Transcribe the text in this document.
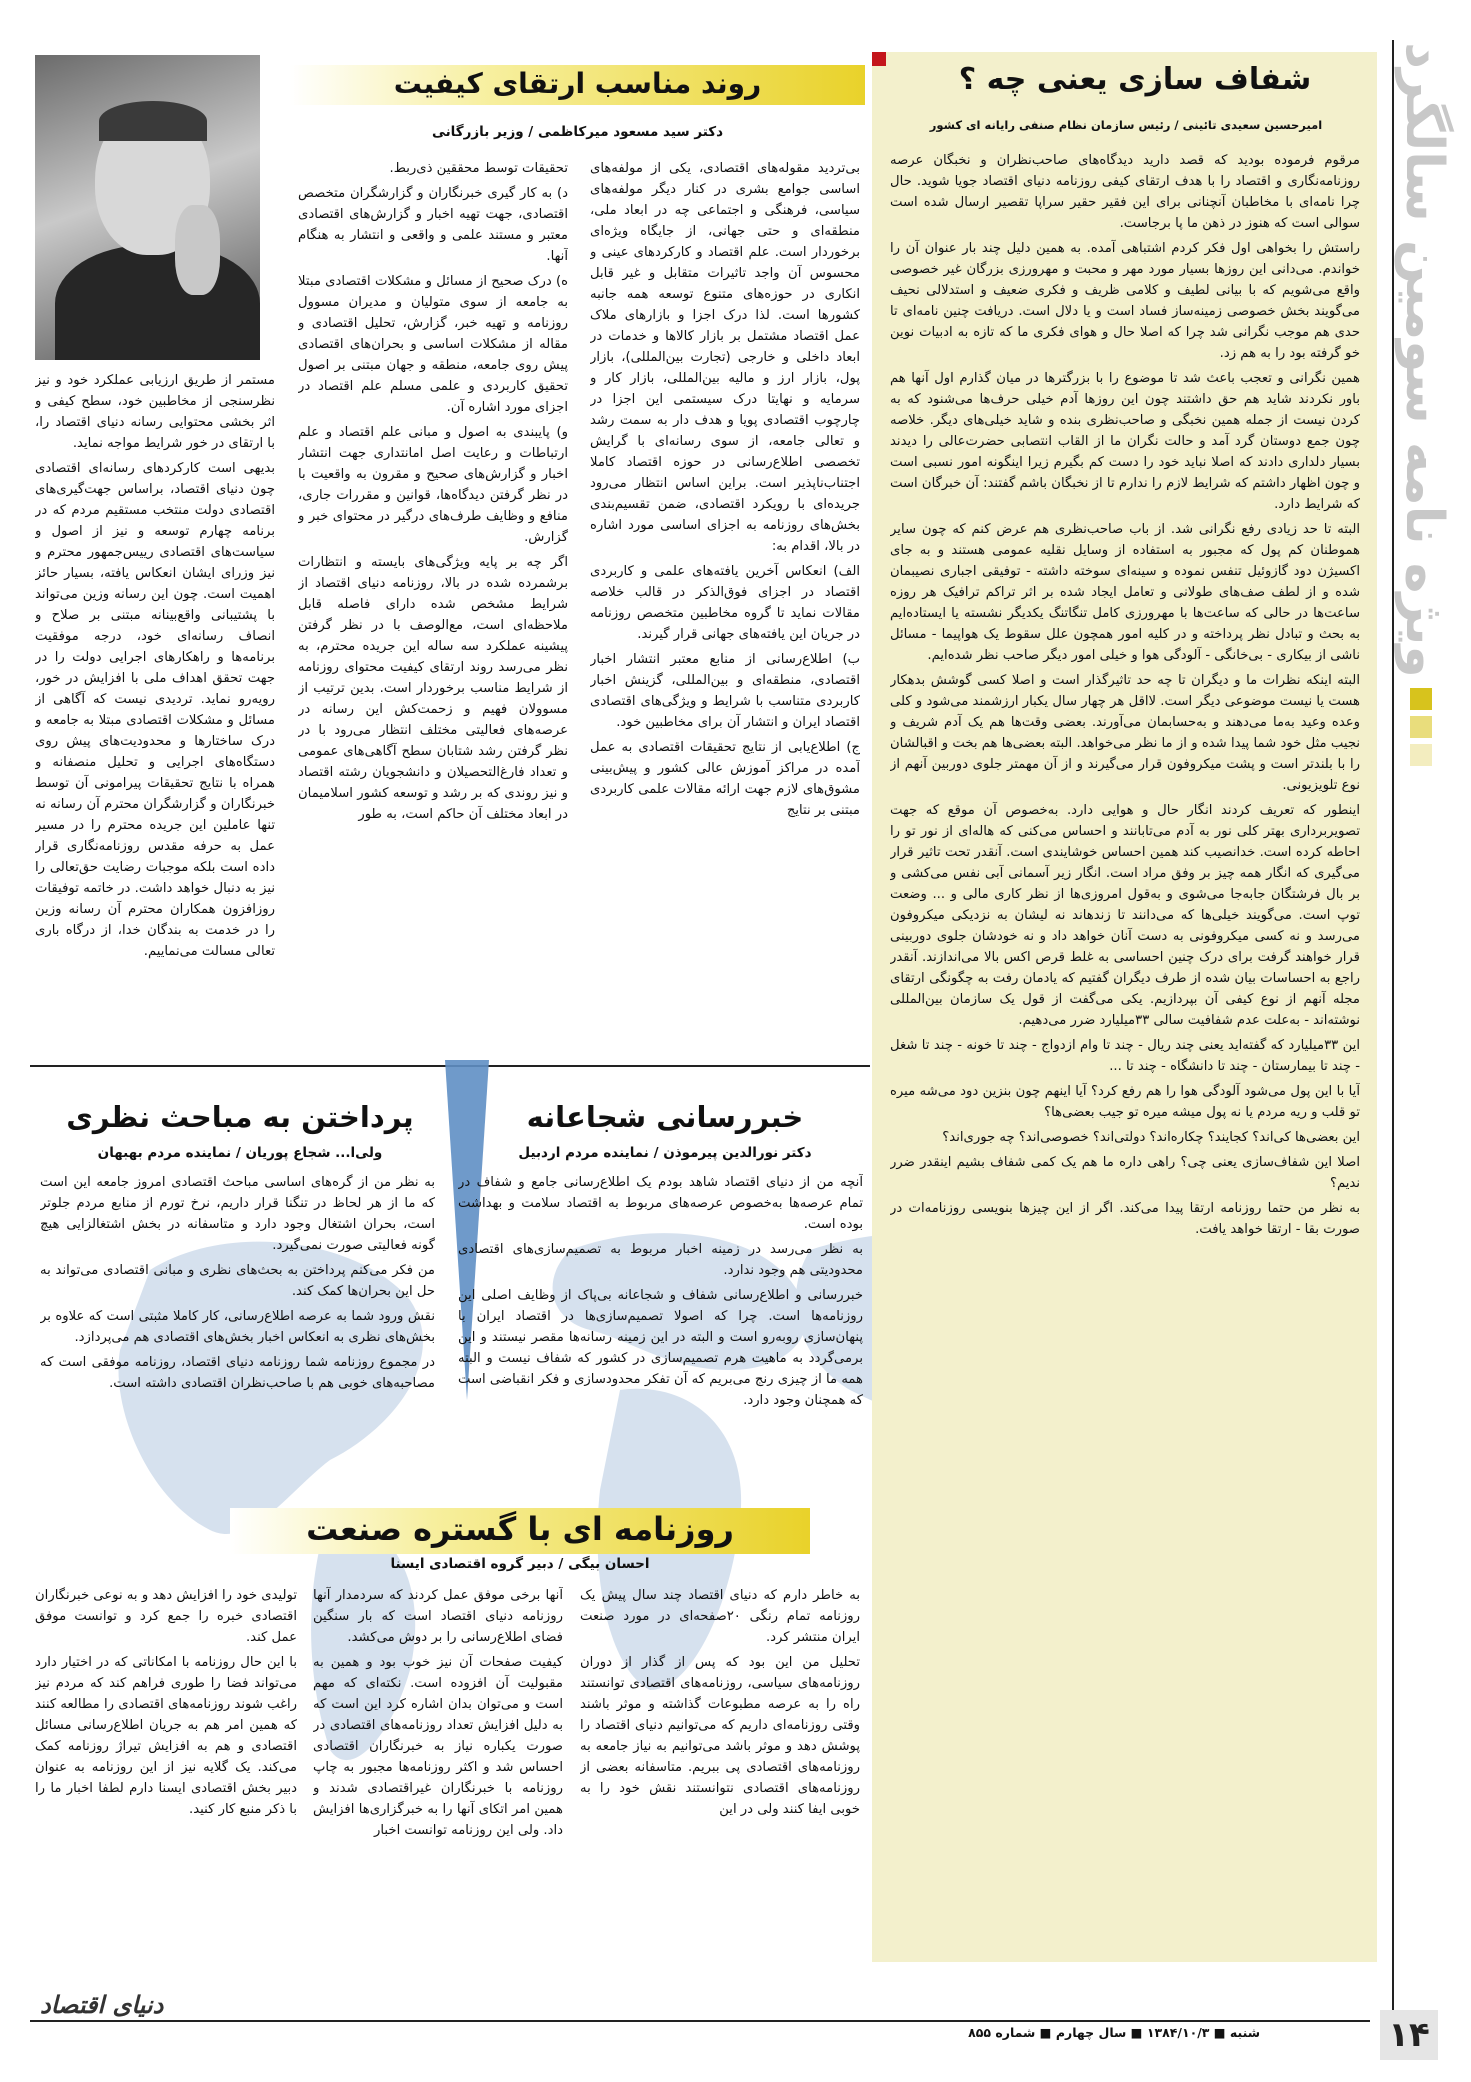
ویژه نامه سومین سالگرد
شفاف سازی یعنی چه ؟
امیرحسین سعیدی تائینی / رئیس سازمان نظام صنفی رایانه ای کشور

مرقوم فرموده بودید که قصد دارید دیدگاه‌های صاحب‌نظران و نخبگان عرصه روزنامه‌نگاری و اقتصاد را با هدف ارتقای کیفی روزنامه دنیای اقتصاد جویا شوید. حال چرا نامه‌ای با مخاطبان آنچنانی برای این فقیر حقیر سراپا تقصیر ارسال شده است سوالی است که هنوز در ذهن ما پا برجاست.

راستش را بخواهی اول فکر کردم اشتباهی آمده. به همین دلیل چند بار عنوان آن را خواندم. می‌دانی این روزها بسیار مورد مهر و محبت و مهرورزی بزرگان غیر خصوصی واقع می‌شویم که با بیانی لطیف و کلامی ظریف و فکری ضعیف و استدلالی نحیف می‌گویند بخش خصوصی زمینه‌ساز فساد است و یا دلال است. دریافت چنین نامه‌ای تا حدی هم موجب نگرانی شد چرا که اصلا حال و هوای فکری ما که تازه به ادبیات نوین خو گرفته بود را به هم زد.

همین نگرانی و تعجب باعث شد تا موضوع را با بزرگترها در میان گذارم اول آنها هم باور نکردند شاید هم حق داشتند چون این روزها آدم خیلی حرف‌ها می‌شنود که به کردن نیست از جمله همین نخبگی و صاحب‌نظری بنده و شاید خیلی‌های دیگر. خلاصه چون جمع دوستان گرد آمد و حالت نگران ما از القاب انتصابی حضرت‌عالی را دیدند بسیار دلداری دادند که اصلا نباید خود را دست کم بگیرم زیرا اینگونه امور نسبی است و چون اظهار داشتم که شرایط لازم را ندارم تا از نخبگان باشم گفتند: آن خبرگان است که شرایط دارد.

البته تا حد زیادی رفع نگرانی شد. از باب صاحب‌نظری هم عرض کنم که چون سایر هموطنان کم پول که مجبور به استفاده از وسایل نقلیه عمومی هستند و به جای اکسیژن دود گازوئیل تنفس نموده و سینه‌ای سوخته داشته - توفیقی اجباری نصیبمان شده و از لطف صف‌های طولانی و تعامل ایجاد شده بر اثر تراکم ترافیک هر روزه ساعت‌ها در حالی که ساعت‌ها با مهرورزی کامل تنگاتنگ یکدیگر نشسته یا ایستاده‌ایم به بحث و تبادل نظر پرداخته و در کلیه امور همچون علل سقوط یک هواپیما - مسائل ناشی از بیکاری - بی‌خانگی - آلودگی هوا و خیلی امور دیگر صاحب نظر شده‌ایم.

البته اینکه نظرات ما و دیگران تا چه حد تاثیرگذار است و اصلا کسی گوشش بدهکار هست یا نیست موضوعی دیگر است. لااقل هر چهار سال یکبار ارزشمند می‌شود و کلی وعده وعید به‌ما می‌دهند و به‌حسابمان می‌آورند. بعضی وقت‌ها هم یک آدم شریف و نجیب مثل خود شما پیدا شده و از ما نظر می‌خواهد. البته بعضی‌ها هم بخت و اقبالشان را با بلندتر است و پشت میکروفون قرار می‌گیرند و از آن مهمتر جلوی دوربین آنهم از نوع تلویزیونی.

اینطور که تعریف کردند انگار حال و هوایی دارد. به‌خصوص آن موقع که جهت تصویربرداری بهتر کلی نور به آدم می‌تابانند و احساس می‌کنی که هاله‌ای از نور تو را احاطه کرده است. خدانصیب کند همین احساس خوشایندی است. آنقدر تحت تاثیر قرار می‌گیری که انگار همه چیز بر وفق مراد است. انگار زیر آسمانی آبی نفس می‌کشی و بر بال فرشتگان جابه‌جا می‌شوی و به‌قول امروزی‌ها از نظر کاری مالی و ... وضعت توپ است. می‌گویند خیلی‌ها که می‌دانند تا زندهاند نه لیشان به نزدیکی میکروفون می‌رسد و نه کسی میکروفونی به دست آنان خواهد داد و نه خودشان جلوی دوربینی قرار خواهند گرفت برای درک چنین احساسی به غلط قرص اکس بالا می‌اندازند. آنقدر راجع به احساسات بیان شده از طرف دیگران گفتیم که یادمان رفت به چگونگی ارتقای مجله آنهم از نوع کیفی آن بپردازیم. یکی می‌گفت از قول یک سازمان بین‌المللی نوشته‌اند - به‌علت عدم شفافیت سالی ۳۳میلیارد ضرر می‌دهیم.

این ۳۳میلیارد که گفته‌اید یعنی چند ریال - چند تا وام ازدواج - چند تا خونه - چند تا شغل - چند تا بیمارستان - چند تا دانشگاه - چند تا ...

آیا با این پول می‌شود آلودگی هوا را هم رفع کرد؟ آیا اینهم چون بنزین دود می‌شه میره تو قلب و ریه مردم یا نه پول میشه میره تو جیب بعضی‌ها؟

این بعضی‌ها کی‌اند؟ کجایند؟ چکاره‌اند؟ دولتی‌اند؟ خصوصی‌اند؟ چه جوری‌اند؟

اصلا این شفاف‌سازی یعنی چی؟ راهی داره ما هم یک کمی شفاف بشیم اینقدر ضرر ندیم؟

به نظر من حتما روزنامه ارتقا پیدا می‌کند. اگر از این چیزها بنویسی روزنامه‌ات در صورت بقا - ارتقا خواهد یافت.

روند مناسب ارتقای کیفیت
دکتر سید مسعود میرکاظمی / وزیر بازرگانی

بی‌تردید مقوله‌های اقتصادی، یکی از مولفه‌های اساسی جوامع بشری در کنار دیگر مولفه‌های سیاسی، فرهنگی و اجتماعی چه در ابعاد ملی، منطقه‌ای و حتی جهانی، از جایگاه ویژه‌ای برخوردار است. علم اقتصاد و کارکردهای عینی و محسوس آن واجد تاثیرات متقابل و غیر قابل انکاری در حوزه‌های متنوع توسعه همه جانبه کشورها است. لذا درک اجزا و بازارهای ملاک عمل اقتصاد مشتمل بر بازار کالاها و خدمات در ابعاد داخلی و خارجی (تجارت بین‌المللی)، بازار پول، بازار ارز و مالیه بین‌المللی، بازار کار و سرمایه و نهایتا درک سیستمی این اجزا در چارچوب اقتصادی پویا و هدف دار به سمت رشد و تعالی جامعه، از سوی رسانه‌ای با گرایش تخصصی اطلاع‌رسانی در حوزه اقتصاد کاملا اجتناب‌ناپذیر است. براین اساس انتظار می‌رود جریده‌ای با رویکرد اقتصادی، ضمن تقسیم‌بندی بخش‌های روزنامه به اجزای اساسی مورد اشاره در بالا، اقدام به:

الف) انعکاس آخرین یافته‌های علمی و کاربردی اقتصاد در اجزای فوق‌الذکر در قالب خلاصه مقالات نماید تا گروه مخاطبین متخصص روزنامه در جریان این یافته‌های جهانی قرار گیرند.

ب) اطلاع‌رسانی از منابع معتبر انتشار اخبار اقتصادی، منطقه‌ای و بین‌المللی، گزینش اخبار کاربردی متناسب با شرایط و ویژگی‌های اقتصادی اقتصاد ایران و انتشار آن برای مخاطبین خود.

ج) اطلاع‌یابی از نتایج تحقیقات اقتصادی به عمل آمده در مراکز آموزش عالی کشور و پیش‌بینی مشوق‌های لازم جهت ارائه مقالات علمی کاربردی مبتنی بر نتایج

تحقیقات توسط محققین ذی‌ربط.

د) به کار گیری خبرنگاران و گزارشگران متخصص اقتصادی، جهت تهیه اخبار و گزارش‌های اقتصادی معتبر و مستند علمی و واقعی و انتشار به هنگام آنها.

ه) درک صحیح از مسائل و مشکلات اقتصادی مبتلا به جامعه از سوی متولیان و مدیران مسوول روزنامه و تهیه خبر، گزارش، تحلیل اقتصادی و مقاله از مشکلات اساسی و بحران‌های اقتصادی پیش روی جامعه، منطقه و جهان مبتنی بر اصول تحقیق کاربردی و علمی مسلم علم اقتصاد در اجزای مورد اشاره آن.

و) پایبندی به اصول و مبانی علم اقتصاد و علم ارتباطات و رعایت اصل امانتداری جهت انتشار اخبار و گزارش‌های صحیح و مقرون به واقعیت با در نظر گرفتن دیدگاه‌ها، قوانین و مقررات جاری، منافع و وظایف طرف‌های درگیر در محتوای خبر و گزارش.

اگر چه بر پایه ویژگی‌های بایسته و انتظارات برشمرده شده در بالا، روزنامه دنیای اقتصاد از شرایط مشخص شده دارای فاصله قابل ملاحظه‌ای است، مع‌الوصف با در نظر گرفتن پیشینه عملکرد سه ساله این جریده محترم، به نظر می‌رسد روند ارتقای کیفیت محتوای روزنامه از شرایط مناسب برخوردار است. بدین ترتیب از مسوولان فهیم و زحمت‌کش این رسانه در عرصه‌های فعالیتی مختلف انتظار می‌رود با در نظر گرفتن رشد شتابان سطح آگاهی‌های عمومی و تعداد فارغ‌التحصیلان و دانشجویان رشته اقتصاد و نیز روندی که بر رشد و توسعه کشور اسلامیمان در ابعاد مختلف آن حاکم است، به طور

مستمر از طریق ارزیابی عملکرد خود و نیز نظرسنجی از مخاطبین خود، سطح کیفی و اثر بخشی محتوایی رسانه دنیای اقتصاد را، با ارتقای در خور شرایط مواجه نماید.

بدیهی است کارکردهای رسانه‌ای اقتصادی چون دنیای اقتصاد، براساس جهت‌گیری‌های اقتصادی دولت منتخب مستقیم مردم که در برنامه چهارم توسعه و نیز از اصول و سیاست‌های اقتصادی رییس‌جمهور محترم و نیز وزرای ایشان انعکاس یافته، بسیار حائز اهمیت است. چون این رسانه وزین می‌تواند با پشتیبانی واقع‌بینانه مبتنی بر صلاح و انصاف رسانه‌ای خود، درجه موفقیت برنامه‌ها و راهکارهای اجرایی دولت را در جهت تحقق اهداف ملی با افزایش در خور، رویه‌رو نماید. تردیدی نیست که آگاهی از مسائل و مشکلات اقتصادی مبتلا به جامعه و درک ساختارها و محدودیت‌های پیش روی دستگاه‌های اجرایی و تحلیل منصفانه و همراه با نتایج تحقیقات پیرامونی آن توسط خبرنگاران و گزارشگران محترم آن رسانه نه تنها عاملین این جریده محترم را در مسیر عمل به حرفه مقدس روزنامه‌نگاری قرار داده است بلکه موجبات رضایت حق‌تعالی را نیز به دنبال خواهد داشت. در خاتمه توفیقات روزافزون همکاران محترم آن رسانه وزین را در خدمت به بندگان خدا، از درگاه باری تعالی مسالت می‌نماییم.

خبررسانی شجاعانه
دکتر نورالدین پیرموذن / نماینده مردم اردبیل

آنچه من از دنیای اقتصاد شاهد بودم یک اطلاع‌رسانی جامع و شفاف در تمام عرصه‌ها به‌خصوص عرصه‌های مربوط به اقتصاد سلامت و بهداشت بوده است.

به نظر می‌رسد در زمینه اخبار مربوط به تصمیم‌سازی‌های اقتصادی محدودیتی هم وجود ندارد.

خبررسانی و اطلاع‌رسانی شفاف و شجاعانه بی‌پاک از وظایف اصلی این روزنامه‌ها است. چرا که اصولا تصمیم‌سازی‌ها در اقتصاد ایران با پنهان‌سازی روبه‌رو است و البته در این زمینه رسانه‌ها مقصر نیستند و این برمی‌گردد به ماهیت هرم تصمیم‌سازی در کشور که شفاف نیست و البته همه ما از چیزی رنج می‌بریم که آن تفکر محدودسازی و فکر انقباضی است که همچنان وجود دارد.

پرداختن به مباحث نظری
ولی‌ا... شجاع پوریان / نماینده مردم بهبهان

به نظر من از گره‌های اساسی مباحث اقتصادی امروز جامعه این است که ما از هر لحاظ در تنگنا قرار داریم، نرخ تورم از منابع مردم جلوتر است، بحران اشتغال وجود دارد و متاسفانه در بخش اشتغالزایی هیچ گونه فعالیتی صورت نمی‌گیرد.

من فکر می‌کنم پرداختن به بحث‌های نظری و مبانی اقتصادی می‌تواند به حل این بحران‌ها کمک کند.

نقش ورود شما به عرصه اطلاع‌رسانی، کار کاملا مثبتی است که علاوه بر بخش‌های نظری به انعکاس اخبار بخش‌های اقتصادی هم می‌پردازد.

در مجموع روزنامه شما روزنامه دنیای اقتصاد، روزنامه موفقی است که مصاحبه‌های خوبی هم با صاحب‌نظران اقتصادی داشته است.

روزنامه ای با گستره صنعت
احسان بیگی / دبیر گروه اقتصادی ایسنا

به خاطر دارم که دنیای اقتصاد چند سال پیش یک روزنامه تمام رنگی ۲۰صفحه‌ای در مورد صنعت ایران منتشر کرد.

تحلیل من این بود که پس از گذار از دوران روزنامه‌های سیاسی، روزنامه‌های اقتصادی توانستند راه را به عرصه مطبوعات گذاشته و موثر باشند وقتی روزنامه‌ای داریم که می‌توانیم دنیای اقتصاد را پوشش دهد و موثر باشد می‌توانیم به نیاز جامعه به روزنامه‌های اقتصادی پی ببریم. متاسفانه بعضی از روزنامه‌های اقتصادی نتوانستند نقش خود را به خوبی ایفا کنند ولی در این

آنها برخی موفق عمل کردند که سردمدار آنها روزنامه دنیای اقتصاد است که بار سنگین فضای اطلاع‌رسانی را بر دوش می‌کشد.

کیفیت صفحات آن نیز خوب بود و همین به مقبولیت آن افزوده است. نکته‌ای که مهم است و می‌توان بدان اشاره کرد این است که به دلیل افزایش تعداد روزنامه‌های اقتصادی در صورت یکباره نیاز به خبرنگاران اقتصادی احساس شد و اکثر روزنامه‌ها مجبور به چاپ روزنامه با خبرنگاران غیراقتصادی شدند و همین امر اتکای آنها را به خبرگزاری‌ها افزایش داد. ولی این روزنامه توانست اخبار

تولیدی خود را افزایش دهد و به نوعی خبرنگاران اقتصادی خبره را جمع کرد و توانست موفق عمل کند.

با این حال روزنامه با امکاناتی که در اختیار دارد می‌تواند فضا را طوری فراهم کند که مردم نیز راغب شوند روزنامه‌های اقتصادی را مطالعه کنند که همین امر هم به جریان اطلاع‌رسانی مسائل اقتصادی و هم به افزایش تیراژ روزنامه کمک می‌کند. یک گلایه نیز از این روزنامه به عنوان دبیر بخش اقتصادی ایسنا دارم لطفا اخبار ما را با ذکر منبع کار کنید.

دنیای اقتصاد
شنبه ■ ۱۳۸۴/۱۰/۳ ■ سال چهارم ■ شماره ۸۵۵	۱۴
